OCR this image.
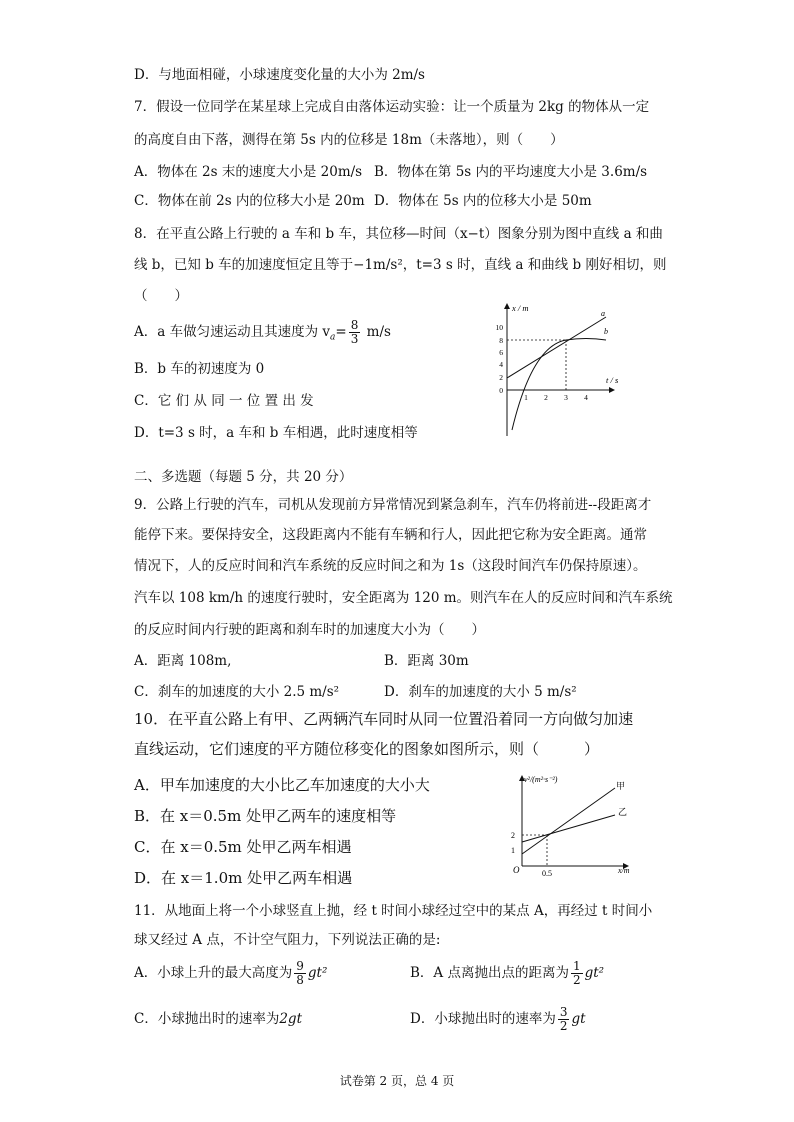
D．与地面相碰，小球速度变化量的大小为 2m/s
7．假设一位同学在某星球上完成自由落体运动实验：让一个质量为 2kg 的物体从一定
的高度自由下落，测得在第 5s 内的位移是 18m（未落地），则（　　）
A．物体在 2s 末的速度大小是 20m/s B．物体在第 5s 内的平均速度大小是 3.6m/s
C．物体在前 2s 内的位移大小是 20m D．物体在 5s 内的位移大小是 50m
8．在平直公路上行驶的 a 车和 b 车，其位移—时间（x−t）图象分别为图中直线 a 和曲
线 b，已知 b 车的加速度恒定且等于−1m/s²，t=3 s 时，直线 a 和曲线 b 刚好相切，则
（　　）
A．a 车做匀速运动且其速度为 $v_a= \frac{8}{3} m/s$
B．b 车的初速度为 0
C．它 们 从 同 一 位 置 出 发
D．t=3 s 时，a 车和 b 车相遇，此时速度相等
x / m
t / s
10
8
6
4
2
0
1 2 3 4
a
b
二、多选题（每题 5 分，共 20 分）
9．公路上行驶的汽车，司机从发现前方异常情况到紧急刹车，汽车仍将前进--段距离才
能停下来。要保持安全，这段距离内不能有车辆和行人，因此把它称为安全距离。通常
情况下，人的反应时间和汽车系统的反应时间之和为 1s（这段时间汽车仍保持原速）。
汽车以 108 km/h 的速度行驶时，安全距离为 120 m。则汽车在人的反应时间和汽车系统
的反应时间内行驶的距离和刹车时的加速度大小为（　　）
A．距离 108m,	B．距离 30m
C．刹车的加速度的大小 2.5 m/s²	D．刹车的加速度的大小 5 m/s²
10．在平直公路上有甲、乙两辆汽车同时从同一位置沿着同一方向做匀加速
直线运动，它们速度的平方随位移变化的图象如图所示，则（　　　）
A．甲车加速度的大小比乙车加速度的大小大
B．在 x＝0.5m 处甲乙两车的速度相等
C．在 x＝0.5m 处甲乙两车相遇
D．在 x＝1.0m 处甲乙两车相遇
v²/(m²·s⁻²)
x/m
O
2
1
0.5
甲
乙
11．从地面上将一个小球竖直上抛，经 t 时间小球经过空中的某点 A，再经过 t 时间小
球又经过 A 点，不计空气阻力，下列说法正确的是:
A．小球上升的最大高度为 $\frac{9}{8} gt^2$	B．A 点离抛出点的距离为 $\frac{1}{2} gt^2$
C．小球抛出时的速率为2gt	D．小球抛出时的速率为 $\frac{3}{2}$ gt
试卷第 2 页，总 4 页
